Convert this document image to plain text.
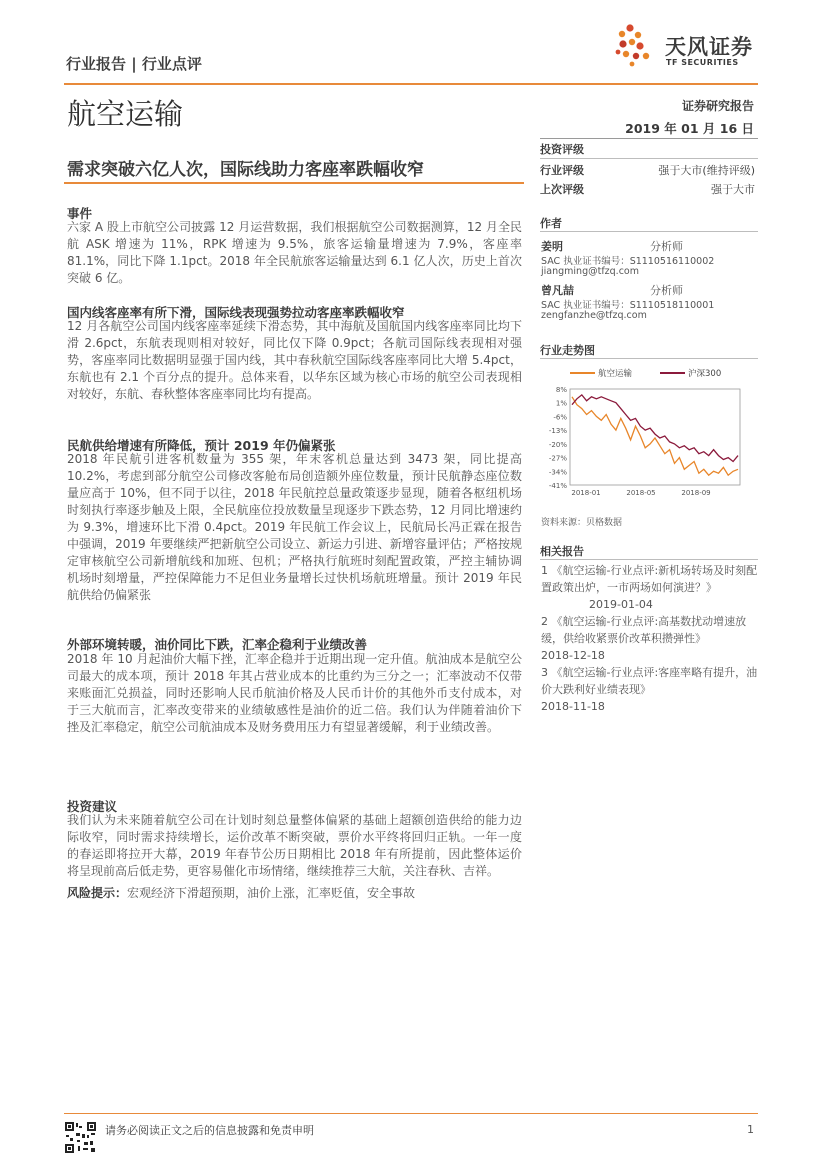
行业报告 | 行业点评
天风证券
TF SECURITIES
航空运输	证券研究报告
2019 年 01 月 16 日
需求突破六亿人次，国际线助力客座率跌幅收窄
事件

六家 A 股上市航空公司披露 12 月运营数据，我们根据航空公司数据测算，12 月全民航 ASK 增速为 11%，RPK 增速为 9.5%，旅客运输量增速为 7.9%，客座率 81.1%，同比下降 1.1pct。2018 年全民航旅客运输量达到 6.1 亿人次，历史上首次突破 6 亿。

国内线客座率有所下滑，国际线表现强势拉动客座率跌幅收窄

12 月各航空公司国内线客座率延续下滑态势，其中海航及国航国内线客座率同比均下滑 2.6pct，东航表现则相对较好，同比仅下降 0.9pct；各航司国际线表现相对强势，客座率同比数据明显强于国内线，其中春秋航空国际线客座率同比大增 5.4pct，东航也有 2.1 个百分点的提升。总体来看，以华东区域为核心市场的航空公司表现相对较好，东航、春秋整体客座率同比均有提高。

民航供给增速有所降低，预计 2019 年仍偏紧张

2018 年民航引进客机数量为 355 架，年末客机总量达到 3473 架，同比提高 10.2%，考虑到部分航空公司修改客舱布局创造额外座位数量，预计民航静态座位数量应高于 10%，但不同于以往，2018 年民航控总量政策逐步显现，随着各枢纽机场时刻执行率逐步触及上限，全民航座位投放数量呈现逐步下跌态势，12 月同比增速约为 9.3%，增速环比下滑 0.4pct。2019 年民航工作会议上，民航局长冯正霖在报告中强调，2019 年要继续严把新航空公司设立、新运力引进、新增容量评估；严格按规定审核航空公司新增航线和加班、包机；严格执行航班时刻配置政策，严控主辅协调机场时刻增量，严控保障能力不足但业务量增长过快机场航班增量。预计 2019 年民航供给仍偏紧张

外部环境转暖，油价同比下跌，汇率企稳利于业绩改善

2018 年 10 月起油价大幅下挫，汇率企稳并于近期出现一定升值。航油成本是航空公司最大的成本项，预计 2018 年其占营业成本的比重约为三分之一；汇率波动不仅带来账面汇兑损益，同时还影响人民币航油价格及人民币计价的其他外币支付成本，对于三大航而言，汇率改变带来的业绩敏感性是油价的近二倍。我们认为伴随着油价下挫及汇率稳定，航空公司航油成本及财务费用压力有望显著缓解，利于业绩改善。

投资建议

我们认为未来随着航空公司在计划时刻总量整体偏紧的基础上超额创造供给的能力边际收窄，同时需求持续增长，运价改革不断突破，票价水平终将回归正轨。一年一度的春运即将拉开大幕，2019 年春节公历日期相比 2018 年有所提前，因此整体运价将呈现前高后低走势，更容易催化市场情绪，继续推荐三大航，关注春秋、吉祥。

风险提示：宏观经济下滑超预期，油价上涨，汇率贬值，安全事故
投资评级
行业评级	强于大市(维持评级)
上次评级	强于大市
作者
姜明	分析师
SAC 执业证书编号：S1110516110002
jiangming@tfzq.com
曾凡喆	分析师
SAC 执业证书编号：S1110518110001
zengfanzhe@tfzq.com
行业走势图
航空运输	沪深300
8%
1%
-6%
-13%
-20%
-27%
-34%
-41%
2018-01	2018-05	2018-09
资料来源：贝格数据
相关报告

1 《航空运输-行业点评:新机场转场及时刻配置政策出炉，一市两场如何演进？》

2019-01-04

2 《航空运输-行业点评:高基数扰动增速放缓，供给收紧票价改革积攒弹性》

2018-12-18

3 《航空运输-行业点评:客座率略有提升，油价大跌利好业绩表现》

2018-11-18
请务必阅读正文之后的信息披露和免责申明	1
